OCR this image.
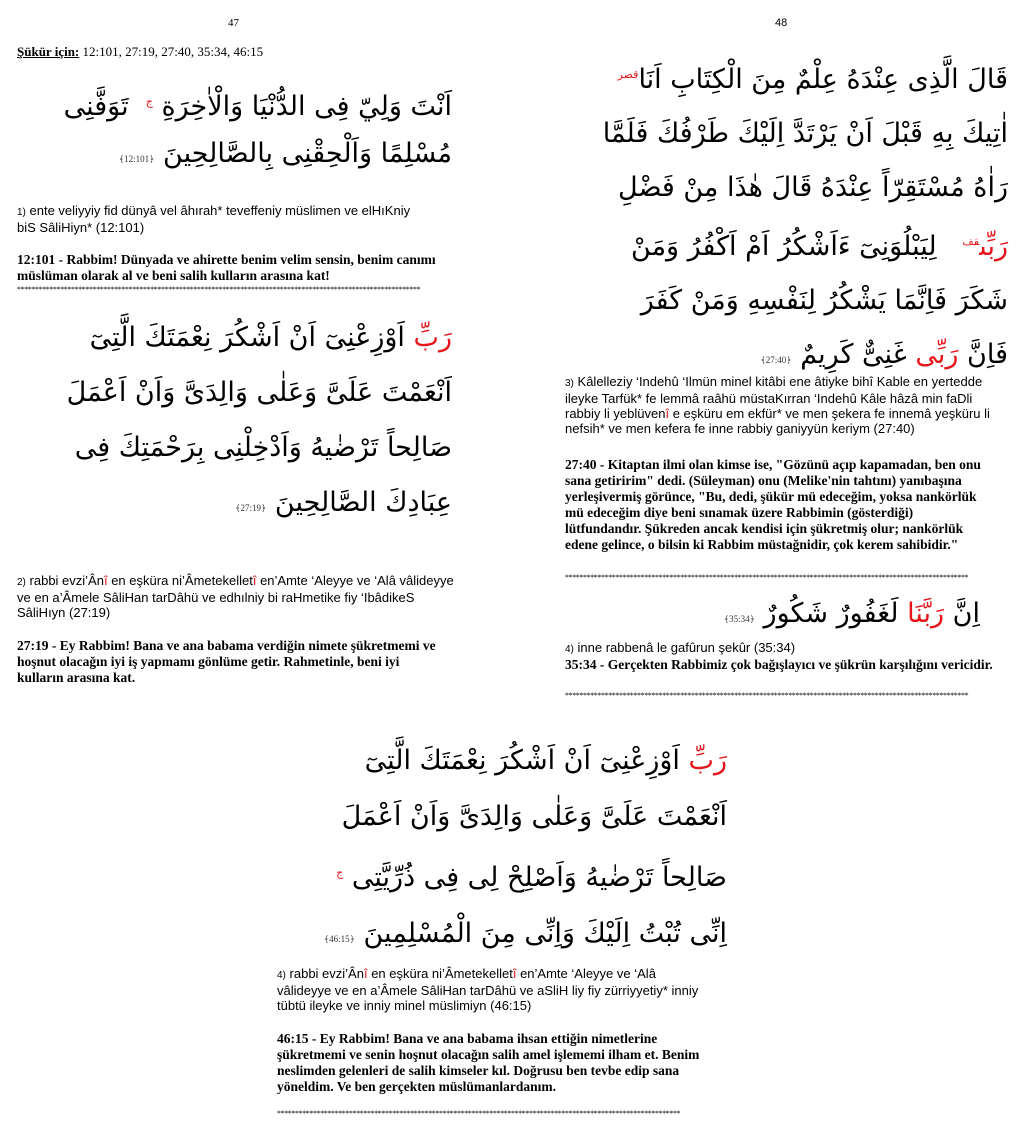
47
Şükür için: 12:101, 27:19, 27:40, 35:34, 46:15
اَنْتَ وَلِيّ فِى الدُّنْيَا وَالْاٰخِرَةِ $^ج$  تَوَفَّنِى
مُسْلِمًا وَاَلْحِقْنِى بِالصَّالِحِينَ ﴾12:101﴿
1) ente veliyyiy fid dünyâ vel âhırah* teveffeniy müslimen ve elHıKniy biS SâliHiyn* (12:101)
12:101 - Rabbim! Dünyada ve ahirette benim velim sensin, benim canımı müslüman olarak al ve beni salih kulların arasına kat!
****************************************************************************************************************
رَبِّ اَوْزِعْنِىٓ اَنْ اَشْكُرَ نِعْمَتَكَ الَّتِىٓ
اَنْعَمْتَ عَلَىَّ وَعَلٰى وَالِدَىَّ وَاَنْ اَعْمَلَ
صَالِحاً تَرْضٰيهُ وَاَدْخِلْنِى بِرَحْمَتِكَ فِى
عِبَادِكَ الصَّالِحِينَ ﴾27:19﴿
2) rabbi evzi’Ânî en eşküra ni’Âmetekelletî en’Amte ‘Aleyye ve ‘Alâ vâlideyye ve en a’Âmele SâliHan tarDâhü ve edhılniy bi raHmetike fiy ‘IbâdikeS SâliHıyn (27:19)
27:19 - Ey Rabbim! Bana ve ana babama verdiğin nimete şükretmemi ve hoşnut olacağın iyi iş yapmamı gönlüme getir. Rahmetinle, beni iyi kulların arasına kat.
48
قَالَ الَّذِى عِنْدَهُ عِلْمٌ مِنَ الْكِتَابِ اَنَا$^{قصر}$
اٰتِيكَ بِهِ قَبْلَ اَنْ يَرْتَدَّ اِلَيْكَ طَرْفُكَ فَلَمَّا
رَاٰهُ مُسْتَقِرّاً عِنْدَهُ قَالَ هٰذَا مِنْ فَضْلِ
رَبِّى$^{قف}$   لِيَبْلُوَنِىٓ ءَاَشْكُرُ اَمْ اَكْفُرُ وَمَنْ
شَكَرَ فَاِنَّمَا يَشْكُرُ لِنَفْسِهِ وَمَنْ كَفَرَ
فَاِنَّ رَبِّى غَنِىٌّ كَرِيمٌ ﴾27:40﴿
3) Kâlelleziy ‘Indehû ‘Ilmün minel kitâbi ene âtiyke bihî Kable en yertedde ileyke Tarfük* fe lemmâ raâhü müstaKırran ‘Indehû Kâle hâzâ min faDli rabbiy li yeblüvenî e eşküru em ekfür* ve men şekera fe innemâ yeşküru li nefsih* ve men kefera fe inne rabbiy ganiyyün keriym (27:40)
27:40 - Kitaptan ilmi olan kimse ise, "Gözünü açıp kapamadan, ben onu sana getiririm" dedi. (Süleyman) onu (Melike'nin tahtını) yanıbaşına yerleşivermiş görünce, "Bu, dedi, şükür mü edeceğim, yoksa nankörlük mü edeceğim diye beni sınamak üzere Rabbimin (gösterdiği) lütfundandır. Şükreden ancak kendisi için şükretmiş olur; nankörlük edene gelince, o bilsin ki Rabbim müstağnidir, çok kerem sahibidir."
****************************************************************************************************************
اِنَّ رَبَّنَا لَغَفُورٌ شَكُورٌ ﴾35:34﴿
4) inne rabbenâ le gafûrun şekûr (35:34)
35:34 - Gerçekten Rabbimiz çok bağışlayıcı ve şükrün karşılığını vericidir.
****************************************************************************************************************
رَبِّ اَوْزِعْنِىٓ اَنْ اَشْكُرَ نِعْمَتَكَ الَّتِىٓ
اَنْعَمْتَ عَلَىَّ وَعَلٰى وَالِدَىَّ وَاَنْ اَعْمَلَ
صَالِحاً تَرْضٰيهُ وَاَصْلِحْ لِى فِى ذُرِّيَّتِى $^ج$
اِنِّى تُبْتُ اِلَيْكَ وَاِنِّى مِنَ الْمُسْلِمِينَ ﴾46:15﴿
4) rabbi evzi’Ânî en eşküra ni’Âmetekelletî en’Amte ‘Aleyye ve ‘Alâ vâlideyye ve en a’Âmele SâliHan tarDâhü ve aSliH liy fiy zürriyyetiy* inniy tübtü ileyke ve inniy minel müslimiyn (46:15)
46:15 - Ey Rabbim! Bana ve ana babama ihsan ettiğin nimetlerine şükretmemi ve senin hoşnut olacağın salih amel işlememi ilham et. Benim neslimden gelenleri de salih kimseler kıl. Doğrusu ben tevbe edip sana yöneldim. Ve ben gerçekten müslümanlardanım.
****************************************************************************************************************
